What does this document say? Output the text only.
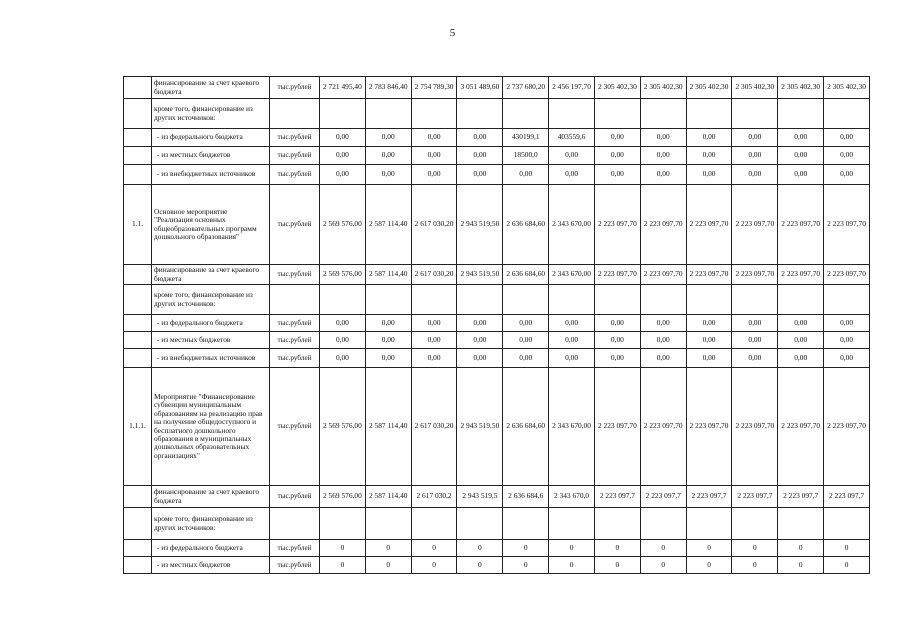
5
	финансирование за счет краевого бюджета	тыс.рублей	2 721 495,40	2 783 846,40	2 754 789,30	3 051 489,60	2 737 680,20	2 456 197,70	2 305 402,30	2 305 402,30	2 305 402,30	2 305 402,30	2 305 402,30	2 305 402,30
	кроме того, финансирование из других источников:													
	- из федерального бюджета	тыс.рублей	0,00	0,00	0,00	0,00	430199,1	403559,6	0,00	0,00	0,00	0,00	0,00	0,00
	- из местных бюджетов	тыс.рублей	0,00	0,00	0,00	0,00	18500,0	0,00	0,00	0,00	0,00	0,00	0,00	0,00
	- из внебюджетных источников	тыс.рублей	0,00	0,00	0,00	0,00	0,00	0,00	0,00	0,00	0,00	0,00	0,00	0,00
1.1.	Основное мероприятие "Реализация основных общеобразовательных программ дошкольного образования"	тыс.рублей	2 569 576,00	2 587 114,40	2 617 030,20	2 943 519,50	2 636 684,60	2 343 670,00	2 223 097,70	2 223 097,70	2 223 097,70	2 223 097,70	2 223 097,70	2 223 097,70
	финансирование за счет краевого бюджета	тыс.рублей	2 569 576,00	2 587 114,40	2 617 030,20	2 943 519,50	2 636 684,60	2 343 670,00	2 223 097,70	2 223 097,70	2 223 097,70	2 223 097,70	2 223 097,70	2 223 097,70
	кроме того, финансирование из других источников:													
	- из федерального бюджета	тыс.рублей	0,00	0,00	0,00	0,00	0,00	0,00	0,00	0,00	0,00	0,00	0,00	0,00
	- из местных бюджетов	тыс.рублей	0,00	0,00	0,00	0,00	0,00	0,00	0,00	0,00	0,00	0,00	0,00	0,00
	- из внебюджетных источников	тыс.рублей	0,00	0,00	0,00	0,00	0,00	0,00	0,00	0,00	0,00	0,00	0,00	0,00
1.1.1.	Мероприятие "Финансирование субвенции муниципальным образованиям на реализацию прав на получение общедоступного и бесплатного дошкольного образования в муниципальных дошкольных образовательных организациях"	тыс.рублей	2 569 576,00	2 587 114,40	2 617 030,20	2 943 519,50	2 636 684,60	2 343 670,00	2 223 097,70	2 223 097,70	2 223 097,70	2 223 097,70	2 223 097,70	2 223 097,70
	финансирование за счет краевого бюджета	тыс.рублей	2 569 576,00	2 587 114,40	2 617 030,2	2 943 519,5	2 636 684,6	2 343 670,0	2 223 097,7	2 223 097,7	2 223 097,7	2 223 097,7	2 223 097,7	2 223 097,7
	кроме того, финансирование из других источников:													
	- из федерального бюджета	тыс.рублей	0	0	0	0	0	0	0	0	0	0	0	0
	- из местных бюджетов	тыс.рублей	0	0	0	0	0	0	0	0	0	0	0	0
